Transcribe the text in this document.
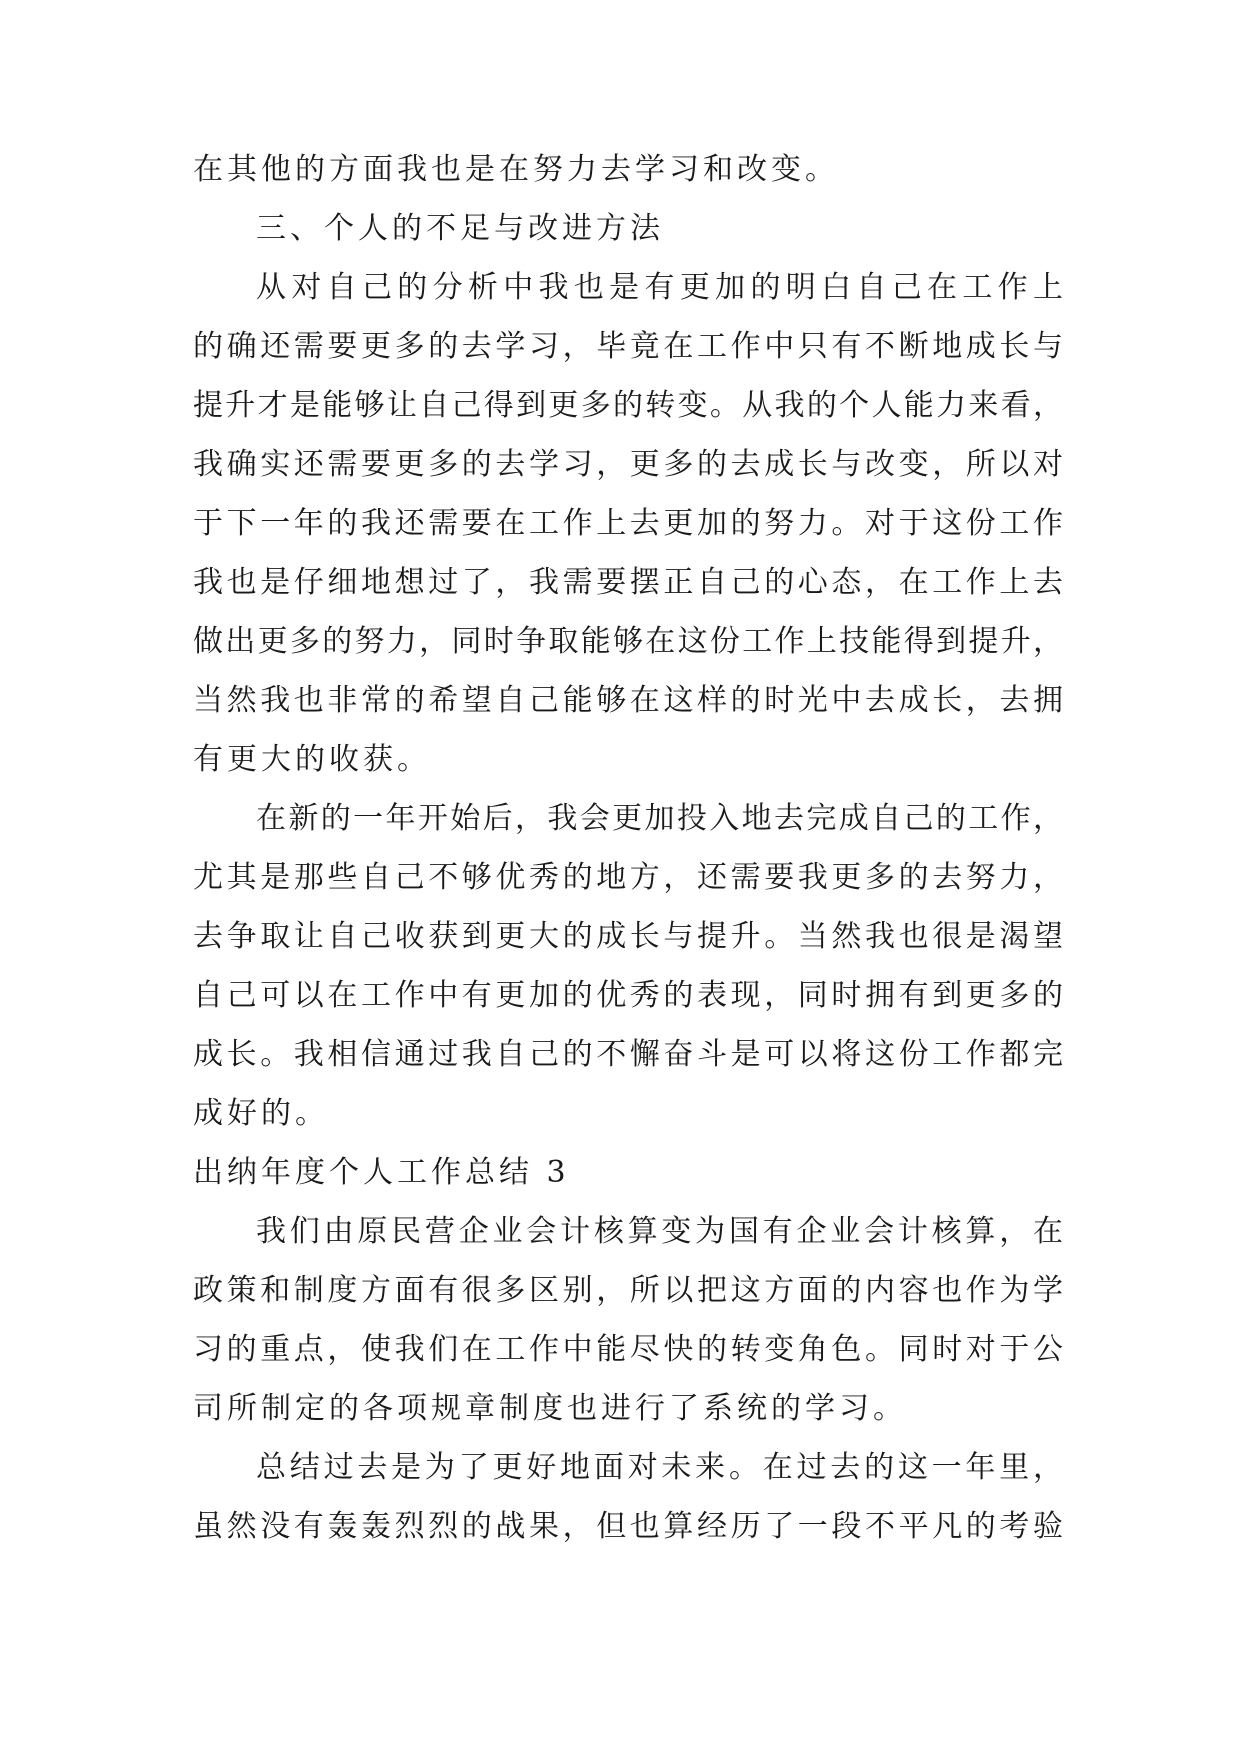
在其他的方面我也是在努力去学习和改变。
三、个人的不足与改进方法
从对自己的分析中我也是有更加的明白自己在工作上
的确还需要更多的去学习，毕竟在工作中只有不断地成长与
提升才是能够让自己得到更多的转变。从我的个人能力来看，
我确实还需要更多的去学习，更多的去成长与改变，所以对
于下一年的我还需要在工作上去更加的努力。对于这份工作
我也是仔细地想过了，我需要摆正自己的心态，在工作上去
做出更多的努力，同时争取能够在这份工作上技能得到提升，
当然我也非常的希望自己能够在这样的时光中去成长，去拥
有更大的收获。
在新的一年开始后，我会更加投入地去完成自己的工作，
尤其是那些自己不够优秀的地方，还需要我更多的去努力，
去争取让自己收获到更大的成长与提升。当然我也很是渴望
自己可以在工作中有更加的优秀的表现，同时拥有到更多的
成长。我相信通过我自己的不懈奋斗是可以将这份工作都完
成好的。
出纳年度个人工作总结 3
我们由原民营企业会计核算变为国有企业会计核算，在
政策和制度方面有很多区别，所以把这方面的内容也作为学
习的重点，使我们在工作中能尽快的转变角色。同时对于公
司所制定的各项规章制度也进行了系统的学习。
总结过去是为了更好地面对未来。在过去的这一年里，
虽然没有轰轰烈烈的战果，但也算经历了一段不平凡的考验
